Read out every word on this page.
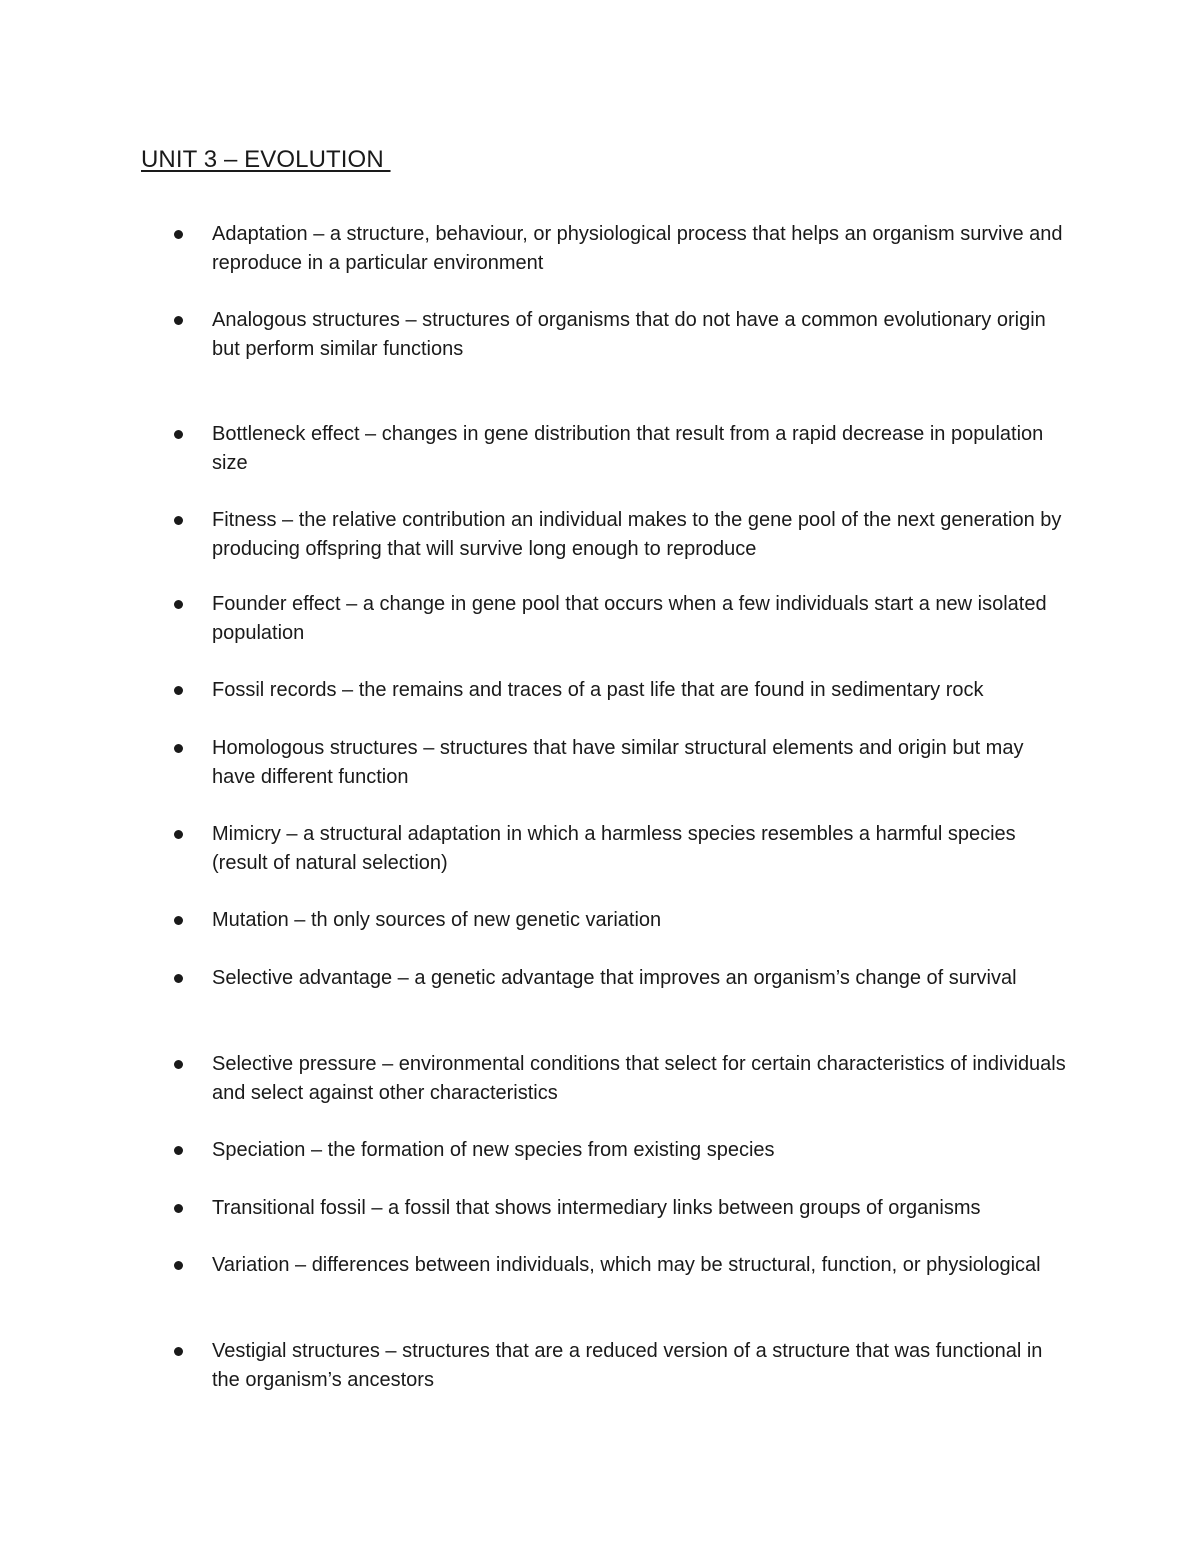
UNIT 3 – EVOLUTION
Adaptation – a structure, behaviour, or physiological process that helps an organism survive and reproduce in a particular environment
Analogous structures – structures of organisms that do not have a common evolutionary origin but perform similar functions
Bottleneck effect – changes in gene distribution that result from a rapid decrease in population size
Fitness – the relative contribution an individual makes to the gene pool of the next generation by producing offspring that will survive long enough to reproduce
Founder effect – a change in gene pool that occurs when a few individuals start a new isolated population
Fossil records – the remains and traces of a past life that are found in sedimentary rock
Homologous structures – structures that have similar structural elements and origin but may have different function
Mimicry – a structural adaptation in which a harmless species resembles a harmful species (result of natural selection)
Mutation – th only sources of new genetic variation
Selective advantage – a genetic advantage that improves an organism’s change of survival
Selective pressure – environmental conditions that select for certain characteristics of individuals and select against other characteristics
Speciation – the formation of new species from existing species
Transitional fossil – a fossil that shows intermediary links between groups of organisms
Variation – differences between individuals, which may be structural, function, or physiological
Vestigial structures – structures that are a reduced version of a structure that was functional in the organism’s ancestors
